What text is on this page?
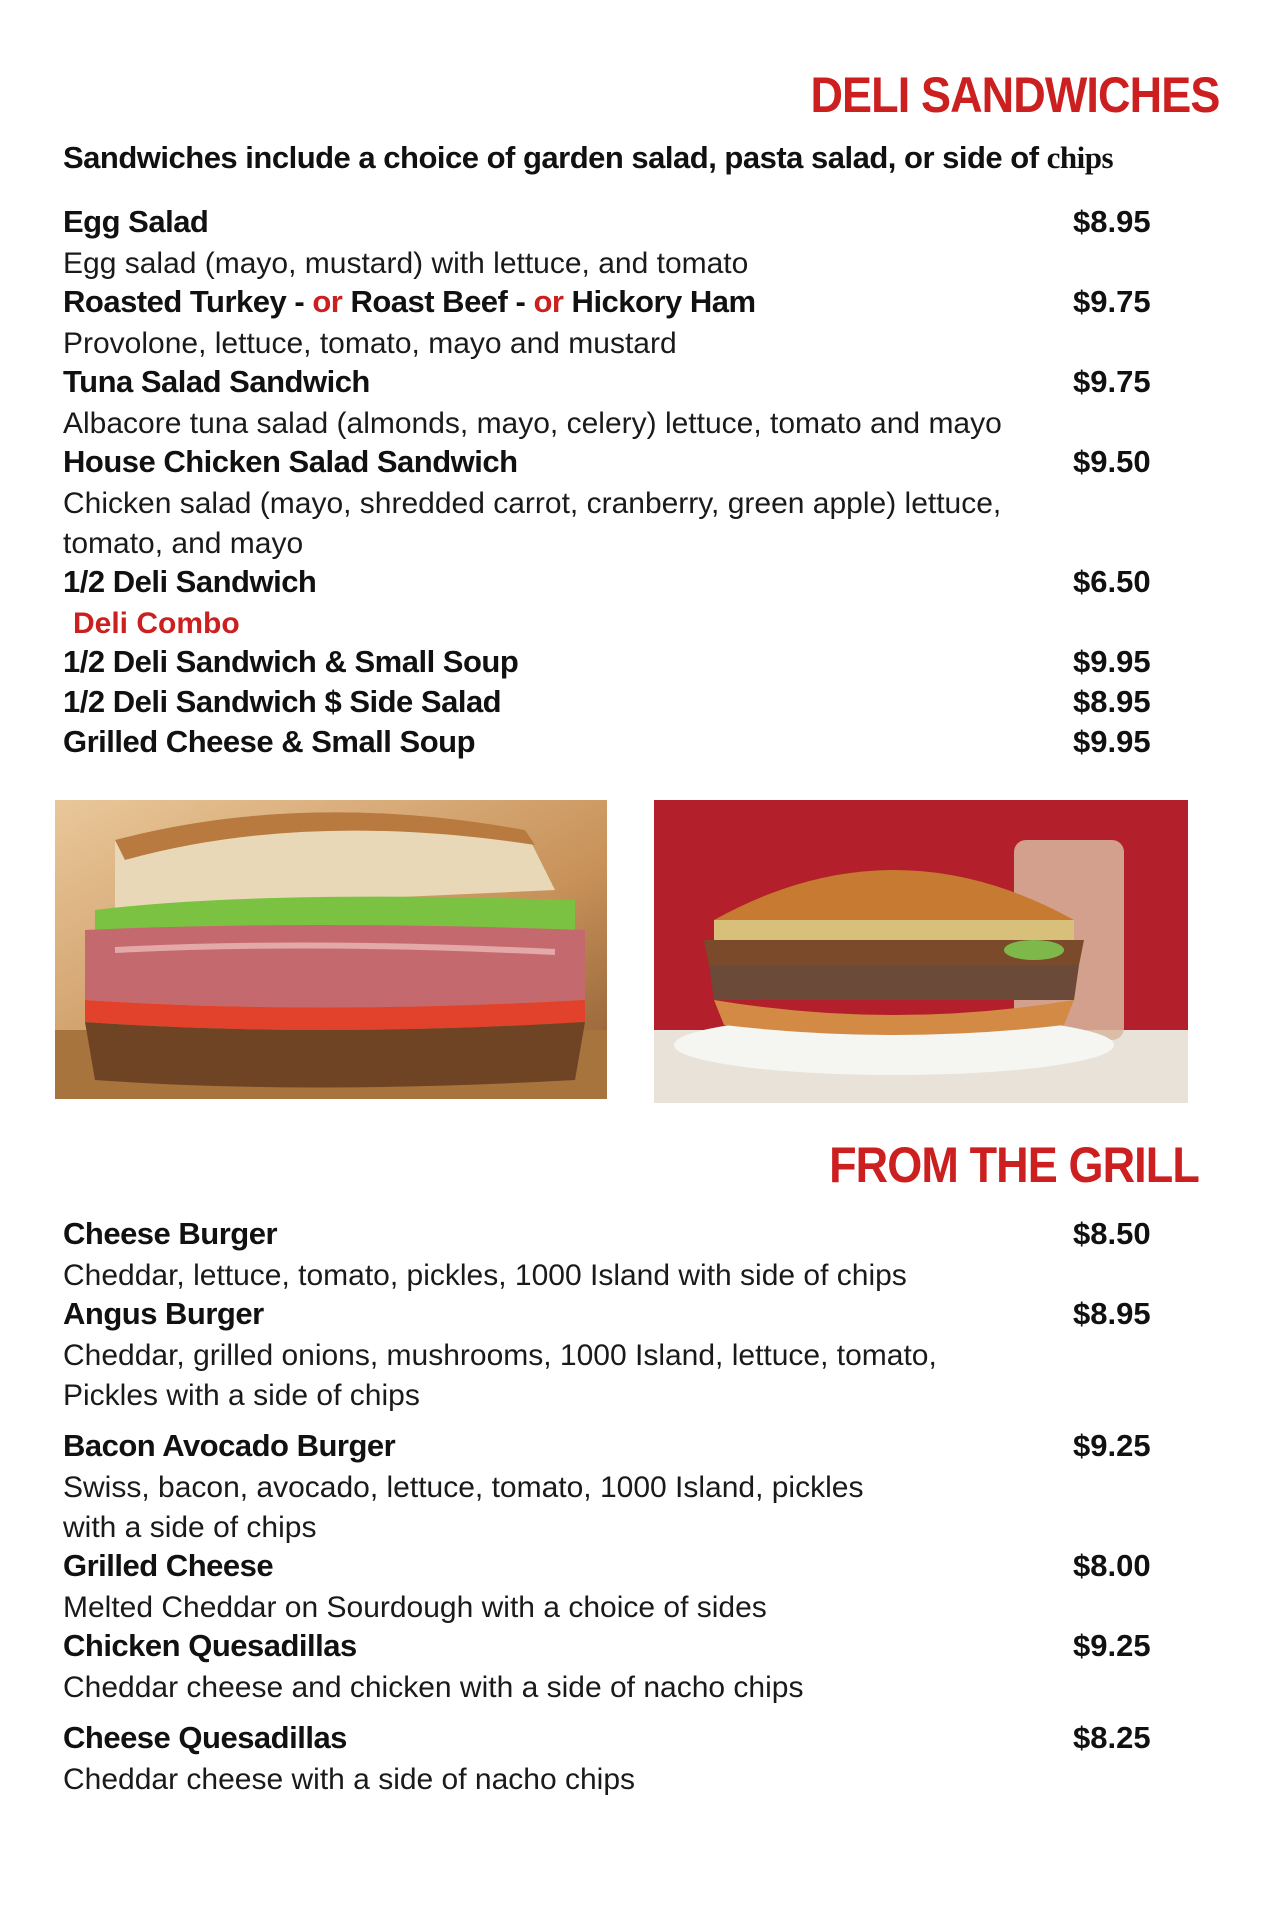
DELI SANDWICHES
Sandwiches include a choice of garden salad, pasta salad, or side of chips
Egg Salad	$8.95
Egg salad (mayo, mustard) with lettuce, and tomato
Roasted Turkey - or Roast Beef - or Hickory Ham	$9.75
Provolone, lettuce, tomato, mayo and mustard
Tuna Salad Sandwich	$9.75
Albacore tuna salad (almonds, mayo, celery) lettuce, tomato and mayo
House Chicken Salad Sandwich	$9.50
Chicken salad (mayo, shredded carrot, cranberry, green apple) lettuce,
tomato, and mayo
1/2 Deli Sandwich	$6.50
Deli Combo
1/2 Deli Sandwich & Small Soup	$9.95
1/2 Deli Sandwich $ Side Salad	$8.95
Grilled Cheese & Small Soup	$9.95
FROM THE GRILL
Cheese Burger	$8.50
Cheddar, lettuce, tomato, pickles, 1000 Island with side of chips
Angus Burger	$8.95
Cheddar, grilled onions, mushrooms, 1000 Island, lettuce, tomato,
Pickles with a side of chips
Bacon Avocado Burger	$9.25
Swiss, bacon, avocado, lettuce, tomato, 1000 Island, pickles
with a side of chips
Grilled Cheese	$8.00
Melted Cheddar on Sourdough with a choice of sides
Chicken Quesadillas	$9.25
Cheddar cheese and chicken with a side of nacho chips
Cheese Quesadillas	$8.25
Cheddar cheese with a side of nacho chips
